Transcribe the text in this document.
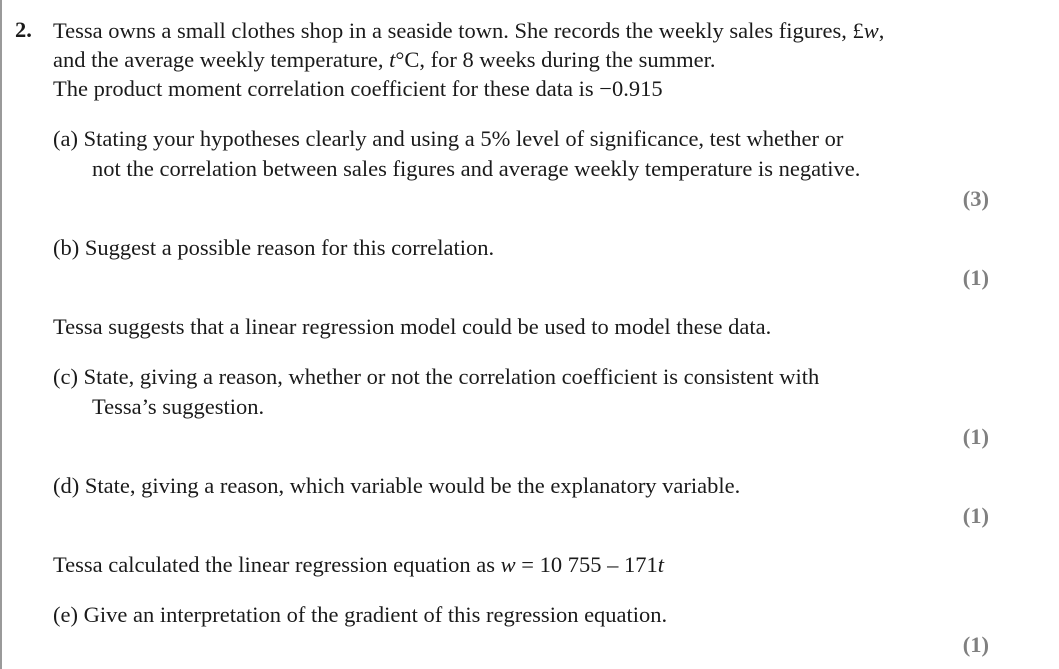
2. Tessa owns a small clothes shop in a seaside town. She records the weekly sales figures, £w,
and the average weekly temperature, t°C, for 8 weeks during the summer.
The product moment correlation coefficient for these data is −0.915
(a) Stating your hypotheses clearly and using a 5% level of significance, test whether or
not the correlation between sales figures and average weekly temperature is negative.
(3)
(b) Suggest a possible reason for this correlation.
(1)
Tessa suggests that a linear regression model could be used to model these data.
(c) State, giving a reason, whether or not the correlation coefficient is consistent with
Tessa’s suggestion.
(1)
(d) State, giving a reason, which variable would be the explanatory variable.
(1)
Tessa calculated the linear regression equation as w = 10 755 – 171t
(e) Give an interpretation of the gradient of this regression equation.
(1)
